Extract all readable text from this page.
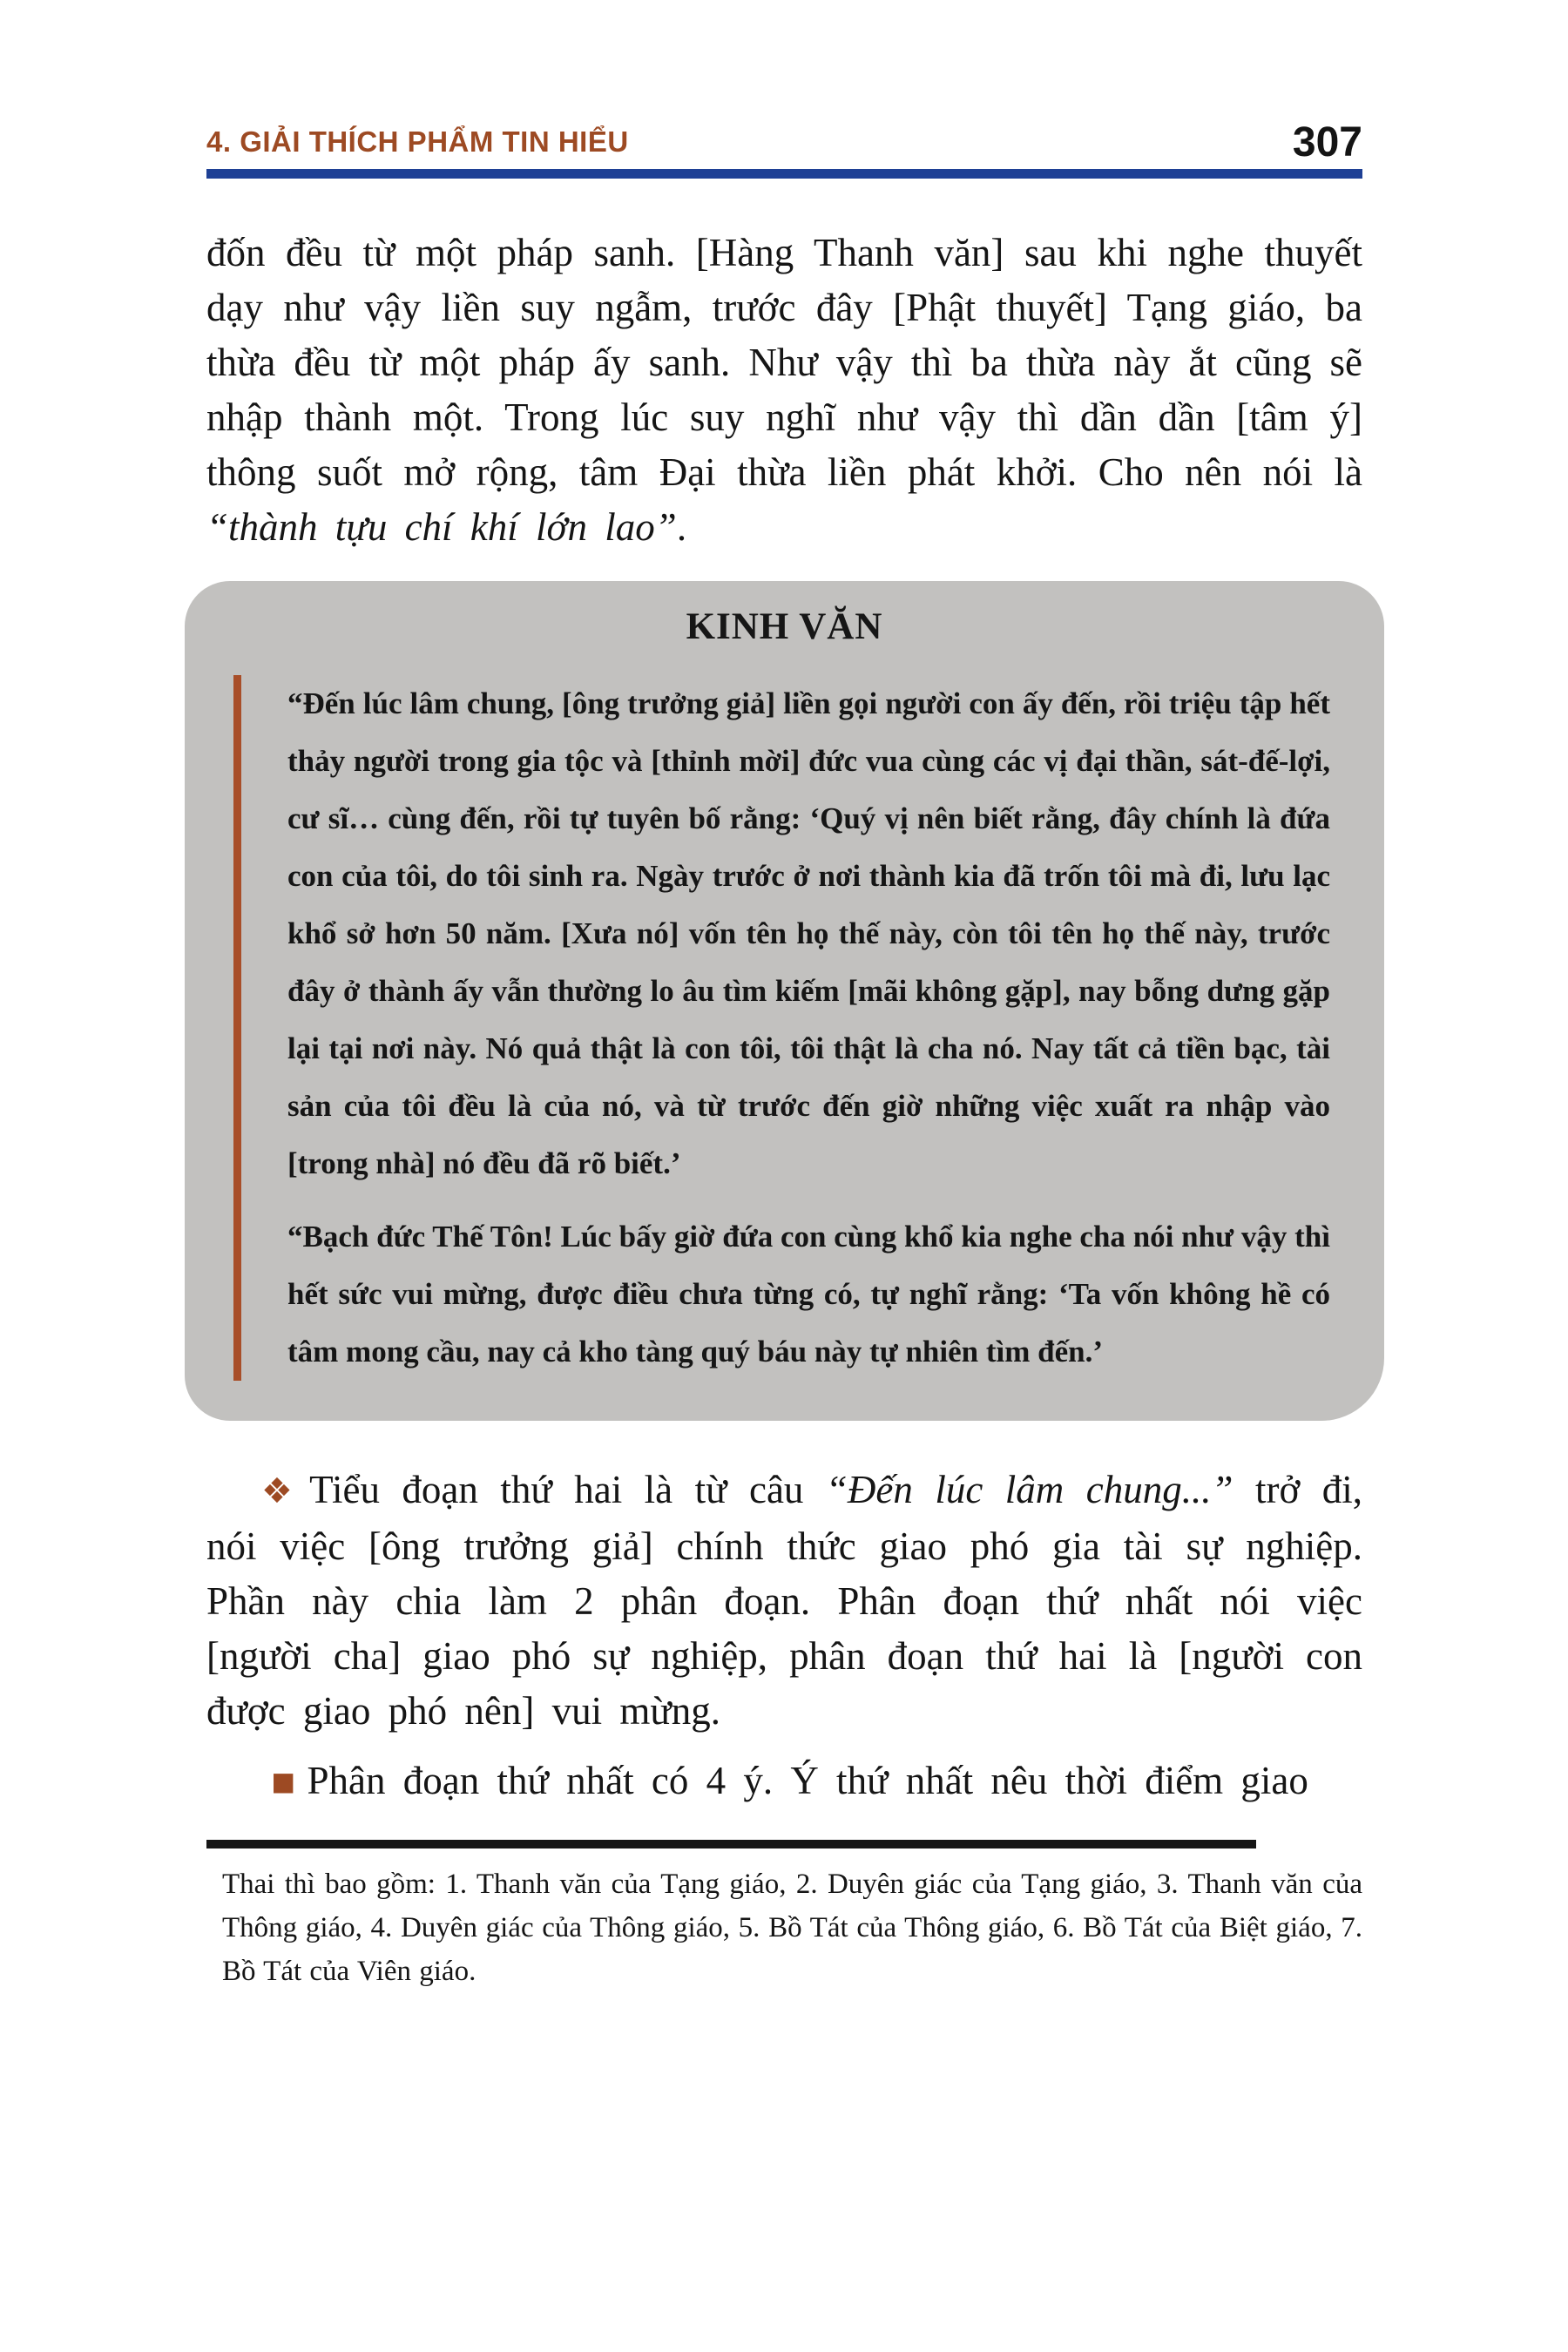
4. GIẢI THÍCH PHẨM TIN HIỂU	307

đốn đều từ một pháp sanh. [Hàng Thanh văn] sau khi nghe thuyết dạy như vậy liền suy ngẫm, trước đây [Phật thuyết] Tạng giáo, ba thừa đều từ một pháp ấy sanh. Như vậy thì ba thừa này ắt cũng sẽ nhập thành một. Trong lúc suy nghĩ như vậy thì dần dần [tâm ý] thông suốt mở rộng, tâm Đại thừa liền phát khởi. Cho nên nói là “thành tựu chí khí lớn lao”.

KINH VĂN

“Đến lúc lâm chung, [ông trưởng giả] liền gọi người con ấy đến, rồi triệu tập hết thảy người trong gia tộc và [thỉnh mời] đức vua cùng các vị đại thần, sát-đế-lợi, cư sĩ… cùng đến, rồi tự tuyên bố rằng: ‘Quý vị nên biết rằng, đây chính là đứa con của tôi, do tôi sinh ra. Ngày trước ở nơi thành kia đã trốn tôi mà đi, lưu lạc khổ sở hơn 50 năm. [Xưa nó] vốn tên họ thế này, còn tôi tên họ thế này, trước đây ở thành ấy vẫn thường lo âu tìm kiếm [mãi không gặp], nay bỗng dưng gặp lại tại nơi này. Nó quả thật là con tôi, tôi thật là cha nó. Nay tất cả tiền bạc, tài sản của tôi đều là của nó, và từ trước đến giờ những việc xuất ra nhập vào [trong nhà] nó đều đã rõ biết.’

“Bạch đức Thế Tôn! Lúc bấy giờ đứa con cùng khổ kia nghe cha nói như vậy thì hết sức vui mừng, được điều chưa từng có, tự nghĩ rằng: ‘Ta vốn không hề có tâm mong cầu, nay cả kho tàng quý báu này tự nhiên tìm đến.’

❖ Tiểu đoạn thứ hai là từ câu “Đến lúc lâm chung...” trở đi, nói việc [ông trưởng giả] chính thức giao phó gia tài sự nghiệp. Phần này chia làm 2 phân đoạn. Phân đoạn thứ nhất nói việc [người cha] giao phó sự nghiệp, phân đoạn thứ hai là [người con được giao phó nên] vui mừng.

▪ Phân đoạn thứ nhất có 4 ý. Ý thứ nhất nêu thời điểm giao

Thai thì bao gồm: 1. Thanh văn của Tạng giáo, 2. Duyên giác của Tạng giáo, 3. Thanh văn của Thông giáo, 4. Duyên giác của Thông giáo, 5. Bồ Tát của Thông giáo, 6. Bồ Tát của Biệt giáo, 7. Bồ Tát của Viên giáo.
